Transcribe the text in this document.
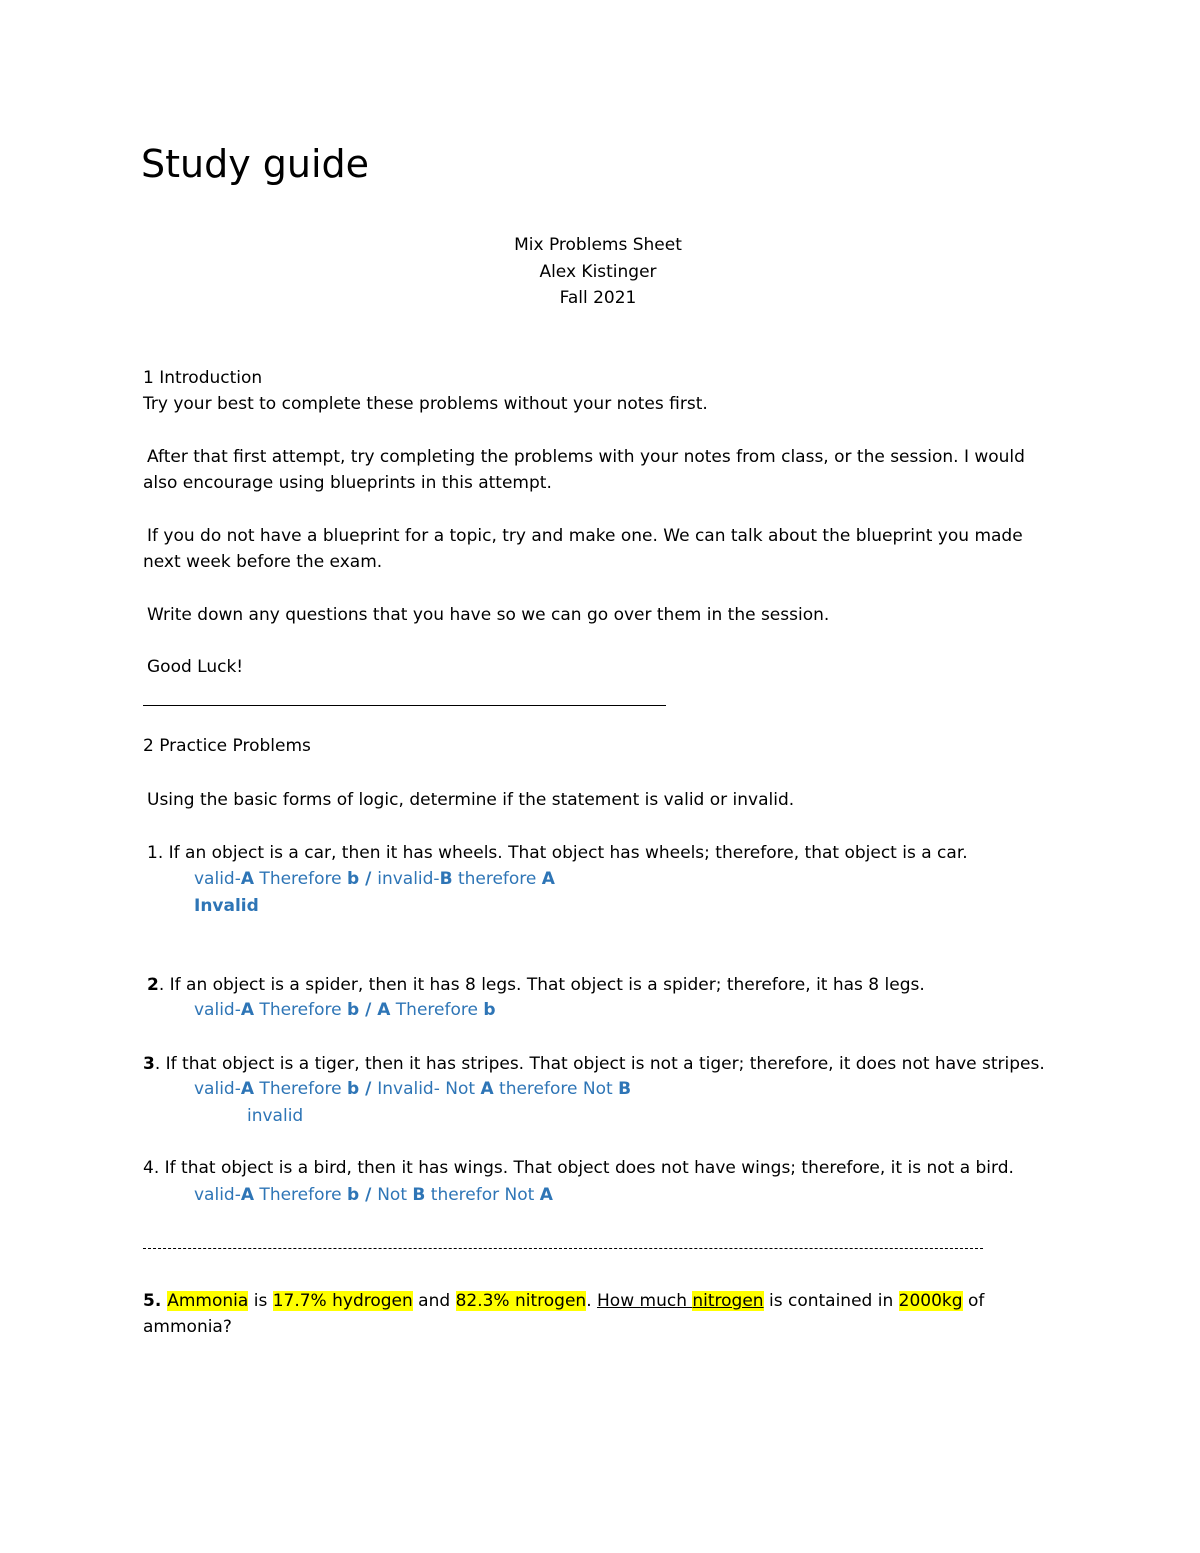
Study guide
Mix Problems Sheet
Alex Kistinger
Fall 2021
1 Introduction
Try your best to complete these problems without your notes first.
After that first attempt, try completing the problems with your notes from class, or the session. I would
also encourage using blueprints in this attempt.
If you do not have a blueprint for a topic, try and make one. We can talk about the blueprint you made
next week before the exam.
Write down any questions that you have so we can go over them in the session.
Good Luck!
2 Practice Problems
Using the basic forms of logic, determine if the statement is valid or invalid.
1. If an object is a car, then it has wheels. That object has wheels; therefore, that object is a car.
valid-A Therefore b / invalid-B therefore A
Invalid
2. If an object is a spider, then it has 8 legs. That object is a spider; therefore, it has 8 legs.
valid-A Therefore b / A Therefore b
3. If that object is a tiger, then it has stripes. That object is not a tiger; therefore, it does not have stripes.
valid-A Therefore b / Invalid- Not A therefore Not B
invalid
4. If that object is a bird, then it has wings. That object does not have wings; therefore, it is not a bird.
valid-A Therefore b / Not B therefor Not A
5. Ammonia is 17.7% hydrogen and 82.3% nitrogen. How much nitrogen is contained in 2000kg of
ammonia?
